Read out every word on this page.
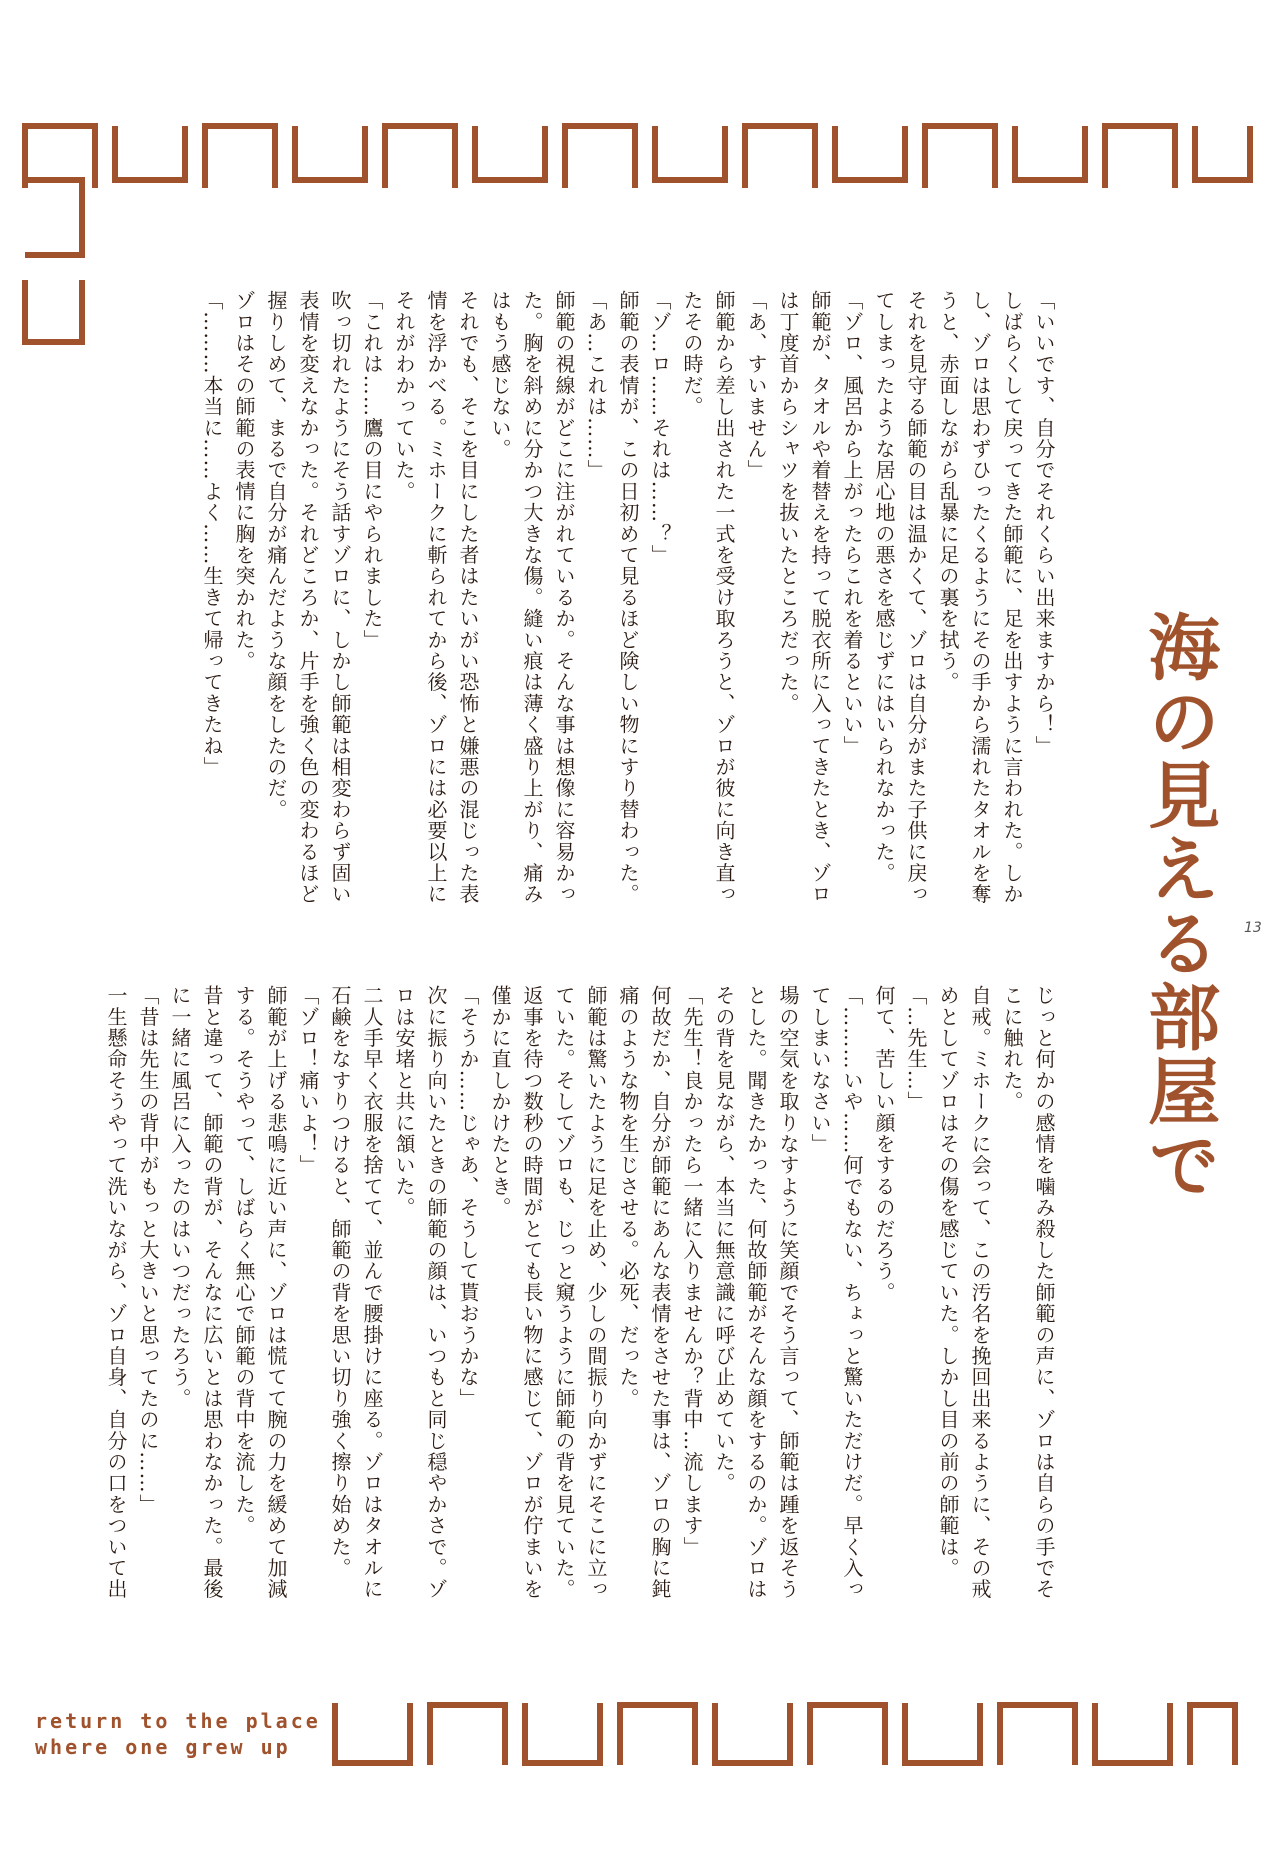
海の見える部屋で

「いいです、自分でそれくらい出来ますから！」

しばらくして戻ってきた師範に、足を出すように言われた。しかし、ゾロは思わずひったくるようにその手から濡れたタオルを奪うと、赤面しながら乱暴に足の裏を拭う。

それを見守る師範の目は温かくて、ゾロは自分がまた子供に戻ってしまったような居心地の悪さを感じずにはいられなかった。

「ゾロ、風呂から上がったらこれを着るといい」

師範が、タオルや着替えを持って脱衣所に入ってきたとき、ゾロは丁度首からシャツを抜いたところだった。

「あ、すいません」

師範から差し出された一式を受け取ろうと、ゾロが彼に向き直ったその時だ。

「ゾ…ロ……それは……？」

師範の表情が、この日初めて見るほど険しい物にすり替わった。

「あ…これは……」

師範の視線がどこに注がれているか。そんな事は想像に容易かった。胸を斜めに分かつ大きな傷。縫い痕は薄く盛り上がり、痛みはもう感じない。

それでも、そこを目にした者はたいがい恐怖と嫌悪の混じった表情を浮かべる。ミホークに斬られてから後、ゾロには必要以上にそれがわかっていた。

「これは……鷹の目にやられました」

吹っ切れたようにそう話すゾロに、しかし師範は相変わらず固い表情を変えなかった。それどころか、片手を強く色の変わるほど握りしめて、まるで自分が痛んだような顔をしたのだ。

ゾロはその師範の表情に胸を突かれた。

「………本当に……よく……生きて帰ってきたね」

じっと何かの感情を噛み殺した師範の声に、ゾロは自らの手でそこに触れた。

自戒。ミホークに会って、この汚名を挽回出来るように、その戒めとしてゾロはその傷を感じていた。しかし目の前の師範は。

「…先生…」

何て、苦しい顔をするのだろう。

「………いや……何でもない、ちょっと驚いただけだ。早く入ってしまいなさい」

場の空気を取りなすように笑顔でそう言って、師範は踵を返そうとした。聞きたかった、何故師範がそんな顔をするのか。ゾロはその背を見ながら、本当に無意識に呼び止めていた。

「先生！良かったら一緒に入りませんか？背中…流します」

何故だか、自分が師範にあんな表情をさせた事は、ゾロの胸に鈍痛のような物を生じさせる。必死、だった。

師範は驚いたように足を止め、少しの間振り向かずにそこに立っていた。そしてゾロも、じっと窺うように師範の背を見ていた。

返事を待つ数秒の時間がとても長い物に感じて、ゾロが佇まいを僅かに直しかけたとき。

「そうか……じゃあ、そうして貰おうかな」

次に振り向いたときの師範の顔は、いつもと同じ穏やかさで。ゾロは安堵と共に頷いた。

二人手早く衣服を捨てて、並んで腰掛けに座る。ゾロはタオルに石鹸をなすりつけると、師範の背を思い切り強く擦り始めた。

「ゾロ！痛いよ！」

師範が上げる悲鳴に近い声に、ゾロは慌てて腕の力を緩めて加減する。そうやって、しばらく無心で師範の背中を流した。

昔と違って、師範の背が、そんなに広いとは思わなかった。最後に一緒に風呂に入ったのはいつだったろう。

「昔は先生の背中がもっと大きいと思ってたのに……」

一生懸命そうやって洗いながら、ゾロ自身、自分の口をついて出

13
return to the place
where one grew up
